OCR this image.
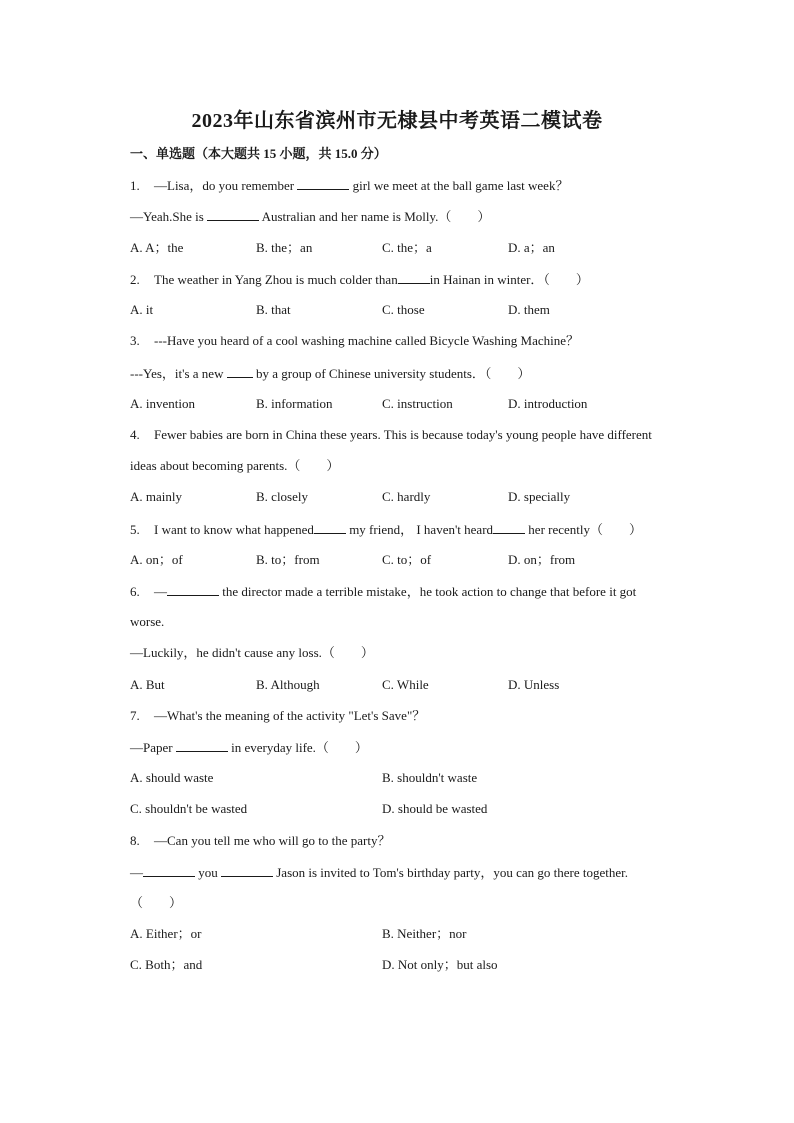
2023年山东省滨州市无棣县中考英语二模试卷
一、单选题（本大题共 15 小题，共 15.0 分）
1. —Lisa，do you remember	girl we meet at the ball game last week？
—Yeah.She is	Australian and her name is Molly.（　　）
A. A；the	B. the；an	C. the；a	D. a；an
2. The weather in Yang Zhou is much colder than in Hainan in winter．（　　）
A. it	B. that	C. those	D. them
3. ---Have you heard of a cool washing machine called Bicycle Washing Machine？
---Yes，it's a new	by a group of Chinese university students．（　　）
A. invention	B. information	C. instruction	D. introduction
4. Fewer babies are born in China these years. This is because today's young people have different
ideas about becoming parents.（　　）
A. mainly	B. closely	C. hardly	D. specially
5. I want to know what happened	my friend， I haven't heard	her recently（　　）
A. on；of	B. to；from	C. to；of	D. on；from
6. —	the director made a terrible mistake，he took action to change that before it got
worse.
—Luckily，he didn't cause any loss.（　　）
A. But	B. Although	C. While	D. Unless
7. —What's the meaning of the activity "Let's Save"？
—Paper	in everyday life.（　　）
A. should waste	B. shouldn't waste
C. shouldn't be wasted	D. should be wasted
8. —Can you tell me who will go to the party？
—	you	Jason is invited to Tom's birthday party，you can go there together.
（　　）
A. Either；or	B. Neither；nor
C. Both；and	D. Not only；but also
